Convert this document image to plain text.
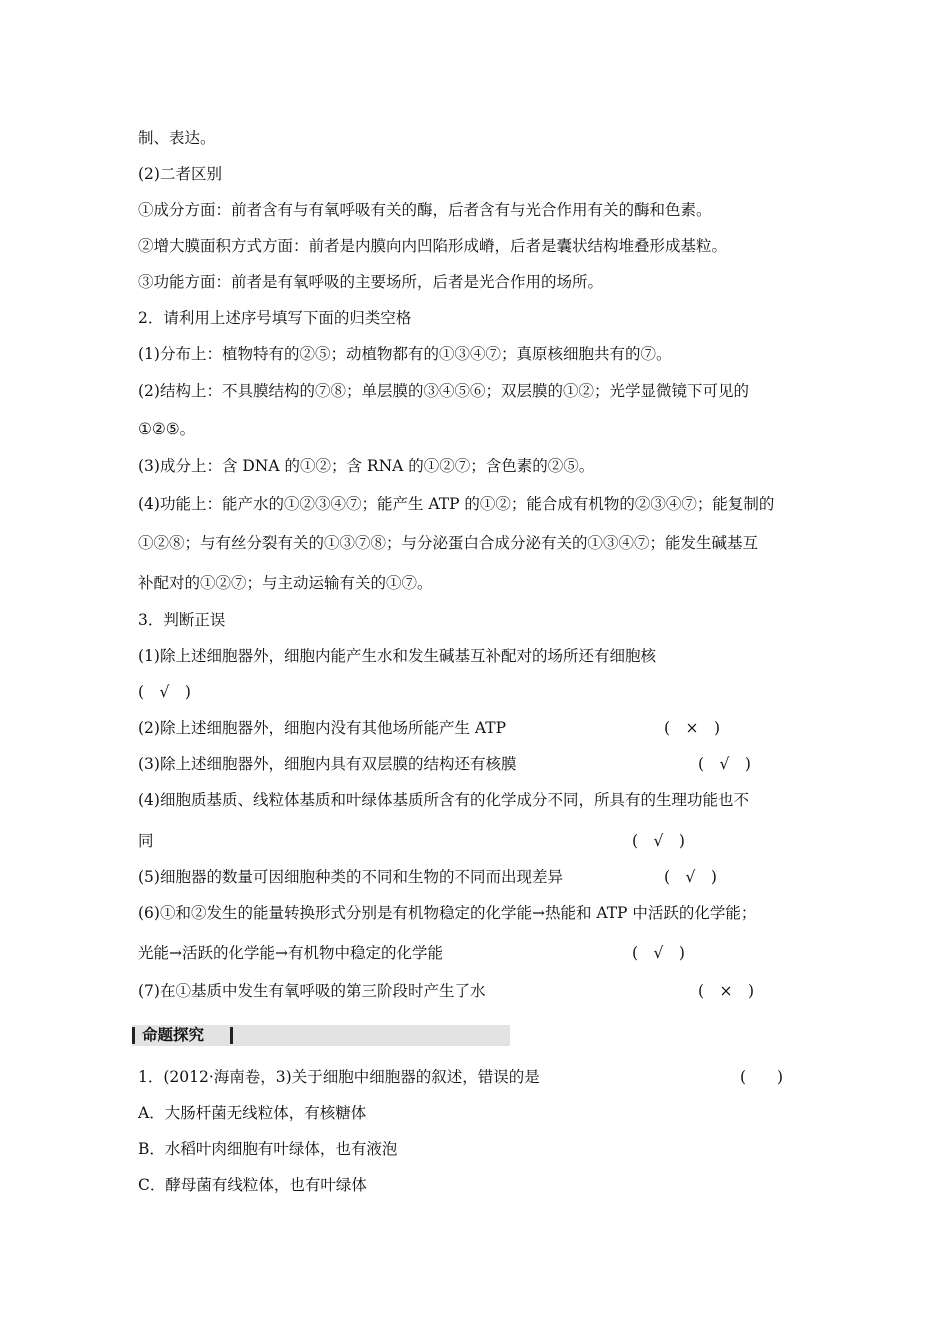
制、表达。
(2)二者区别
①成分方面：前者含有与有氧呼吸有关的酶，后者含有与光合作用有关的酶和色素。
②增大膜面积方式方面：前者是内膜向内凹陷形成嵴，后者是囊状结构堆叠形成基粒。
③功能方面：前者是有氧呼吸的主要场所，后者是光合作用的场所。
2．请利用上述序号填写下面的归类空格
(1)分布上：植物特有的②⑤；动植物都有的①③④⑦；真原核细胞共有的⑦。
(2)结构上：不具膜结构的⑦⑧；单层膜的③④⑤⑥；双层膜的①②；光学显微镜下可见的
①②⑤。
(3)成分上：含 DNA 的①②；含 RNA 的①②⑦；含色素的②⑤。
(4)功能上：能产水的①②③④⑦；能产生 ATP 的①②；能合成有机物的②③④⑦；能复制的
①②⑧；与有丝分裂有关的①③⑦⑧；与分泌蛋白合成分泌有关的①③④⑦；能发生碱基互
补配对的①②⑦；与主动运输有关的①⑦。
3．判断正误
(1)除上述细胞器外，细胞内能产生水和发生碱基互补配对的场所还有细胞核
(　√　)
(2)除上述细胞器外，细胞内没有其他场所能产生 ATP
(3)除上述细胞器外，细胞内具有双层膜的结构还有核膜
(4)细胞质基质、线粒体基质和叶绿体基质所含有的化学成分不同，所具有的生理功能也不
同
(5)细胞器的数量可因细胞种类的不同和生物的不同而出现差异
(6)①和②发生的能量转换形式分别是有机物稳定的化学能→热能和 ATP 中活跃的化学能；
光能→活跃的化学能→有机物中稳定的化学能
(7)在①基质中发生有氧呼吸的第三阶段时产生了水
(　×　)
(　√　)
(　√　)
(　√　)
(　√　)
(　×　)
命题探究
1．(2012·海南卷，3)关于细胞中细胞器的叙述，错误的是	(　　)
A．大肠杆菌无线粒体，有核糖体
B．水稻叶肉细胞有叶绿体，也有液泡
C．酵母菌有线粒体，也有叶绿体
